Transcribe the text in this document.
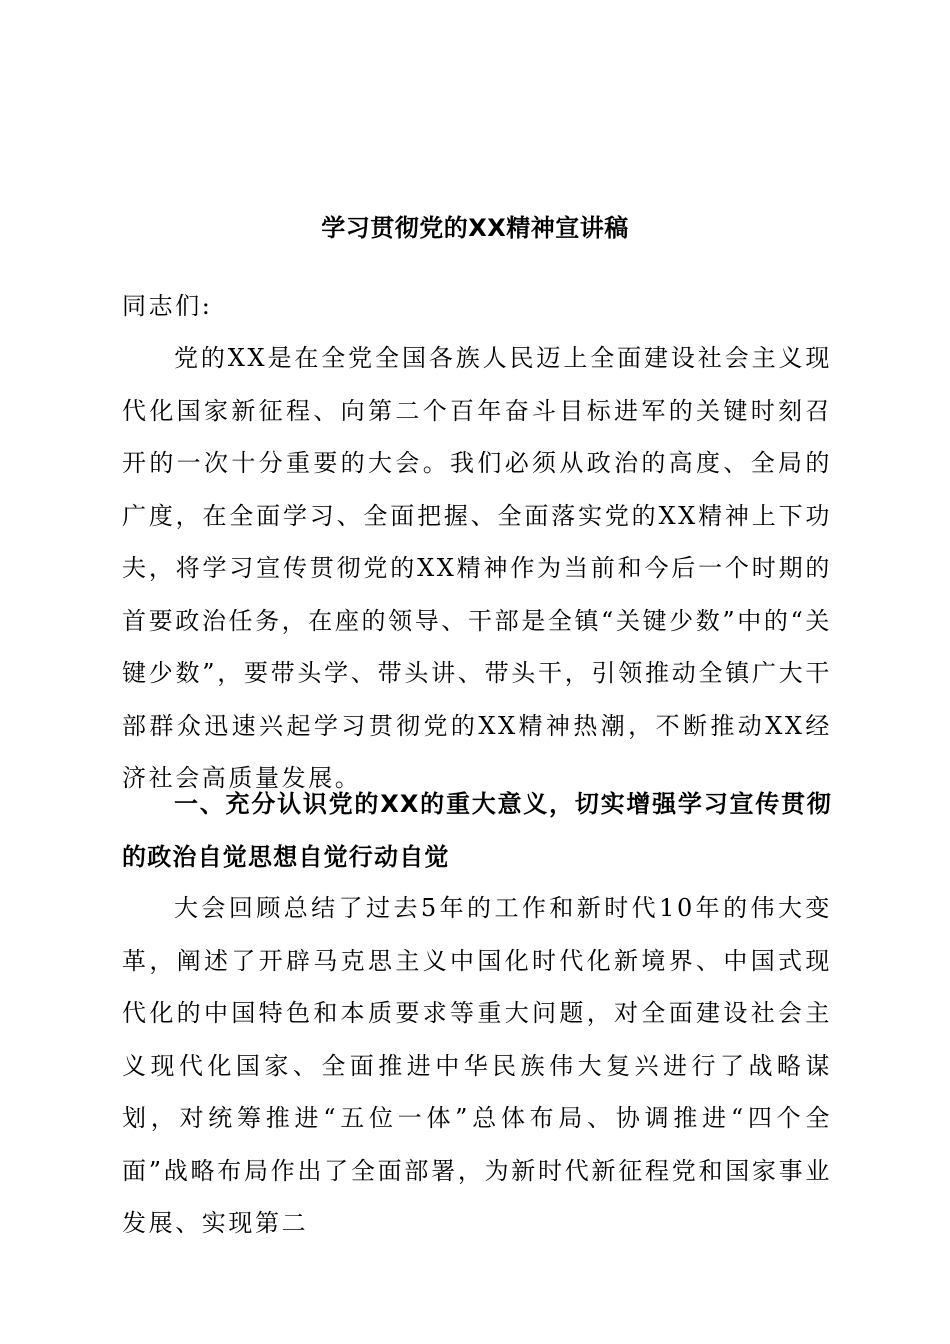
学习贯彻党的XX精神宣讲稿
同志们:
党的XX是在全党全国各族人民迈上全面建设社会主义现代化国家新征程、向第二个百年奋斗目标进军的关键时刻召开的一次十分重要的大会。我们必须从政治的高度、全局的广度，在全面学习、全面把握、全面落实党的XX精神上下功夫，将学习宣传贯彻党的XX精神作为当前和今后一个时期的首要政治任务，在座的领导、干部是全镇“关键少数”中的“关键少数”，要带头学、带头讲、带头干，引领推动全镇广大干部群众迅速兴起学习贯彻党的XX精神热潮，不断推动XX经济社会高质量发展。
一、充分认识党的XX的重大意义，切实增强学习宣传贯彻的政治自觉思想自觉行动自觉
大会回顾总结了过去5年的工作和新时代10年的伟大变革，阐述了开辟马克思主义中国化时代化新境界、中国式现代化的中国特色和本质要求等重大问题，对全面建设社会主义现代化国家、全面推进中华民族伟大复兴进行了战略谋划，对统筹推进“五位一体”总体布局、协调推进“四个全面”战略布局作出了全面部署，为新时代新征程党和国家事业发展、实现第二
